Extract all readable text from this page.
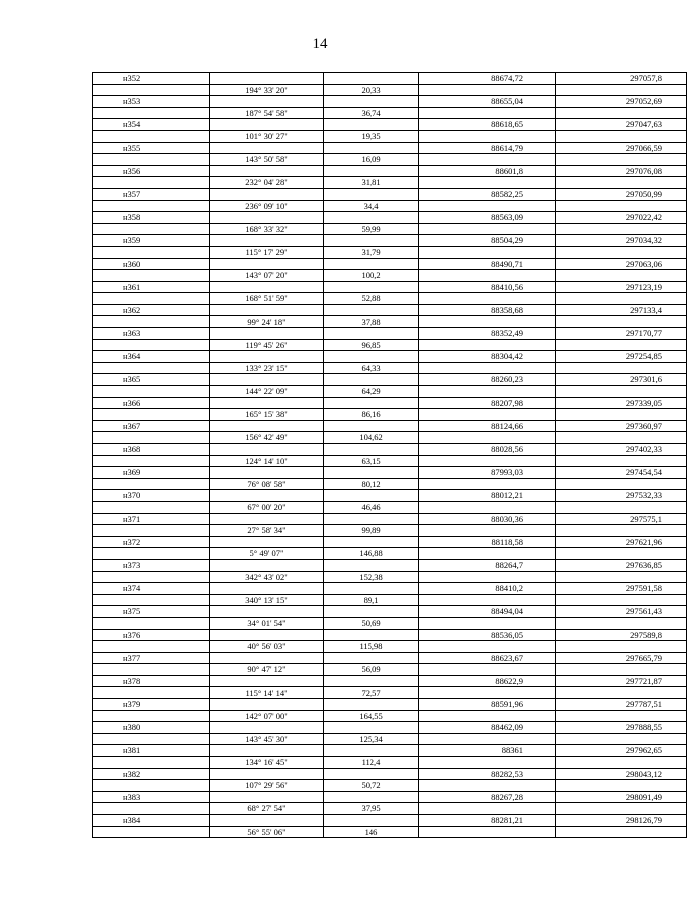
14
н352			88674,72	297057,8
	194° 33' 20"	20,33		
н353			88655,04	297052,69
	187° 54' 58"	36,74		
н354			88618,65	297047,63
	101° 30' 27"	19,35		
н355			88614,79	297066,59
	143° 50' 58"	16,09		
н356			88601,8	297076,08
	232° 04' 28"	31,81		
н357			88582,25	297050,99
	236° 09' 10"	34,4		
н358			88563,09	297022,42
	168° 33' 32"	59,99		
н359			88504,29	297034,32
	115° 17' 29"	31,79		
н360			88490,71	297063,06
	143° 07' 20"	100,2		
н361			88410,56	297123,19
	168° 51' 59"	52,88		
н362			88358,68	297133,4
	99° 24' 18"	37,88		
н363			88352,49	297170,77
	119° 45' 26"	96,85		
н364			88304,42	297254,85
	133° 23' 15"	64,33		
н365			88260,23	297301,6
	144° 22' 09"	64,29		
н366			88207,98	297339,05
	165° 15' 38"	86,16		
н367			88124,66	297360,97
	156° 42' 49"	104,62		
н368			88028,56	297402,33
	124° 14' 10"	63,15		
н369			87993,03	297454,54
	76° 08' 58"	80,12		
н370			88012,21	297532,33
	67° 00' 20"	46,46		
н371			88030,36	297575,1
	27° 58' 34"	99,89		
н372			88118,58	297621,96
	5° 49' 07"	146,88		
н373			88264,7	297636,85
	342° 43' 02"	152,38		
н374			88410,2	297591,58
	340° 13' 15"	89,1		
н375			88494,04	297561,43
	34° 01' 54"	50,69		
н376			88536,05	297589,8
	40° 56' 03"	115,98		
н377			88623,67	297665,79
	90° 47' 12"	56,09		
н378			88622,9	297721,87
	115° 14' 14"	72,57		
н379			88591,96	297787,51
	142° 07' 00"	164,55		
н380			88462,09	297888,55
	143° 45' 30"	125,34		
н381			88361	297962,65
	134° 16' 45"	112,4		
н382			88282,53	298043,12
	107° 29' 56"	50,72		
н383			88267,28	298091,49
	68° 27' 54"	37,95		
н384			88281,21	298126,79
	56° 55' 06"	146		
